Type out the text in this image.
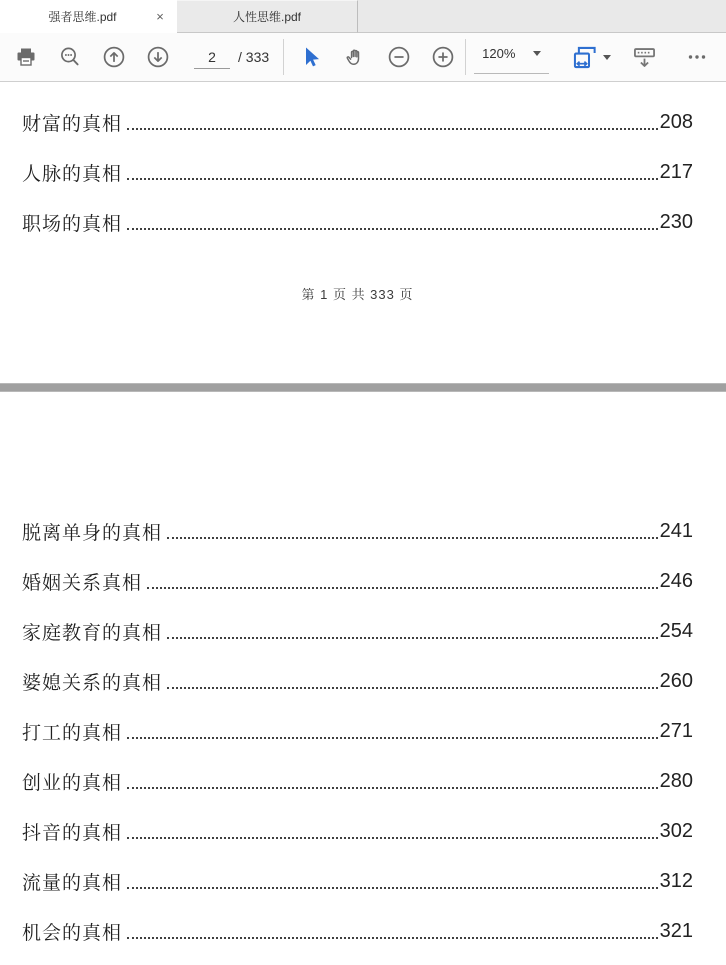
强者思维.pdf	×	人性思维.pdf
2
/ 333	120%
财富的真相	208
人脉的真相	217
职场的真相	230
第 1 页 共 333 页
脱离单身的真相	241
婚姻关系真相	246
家庭教育的真相	254
婆媳关系的真相	260
打工的真相	271
创业的真相	280
抖音的真相	302
流量的真相	312
机会的真相	321
